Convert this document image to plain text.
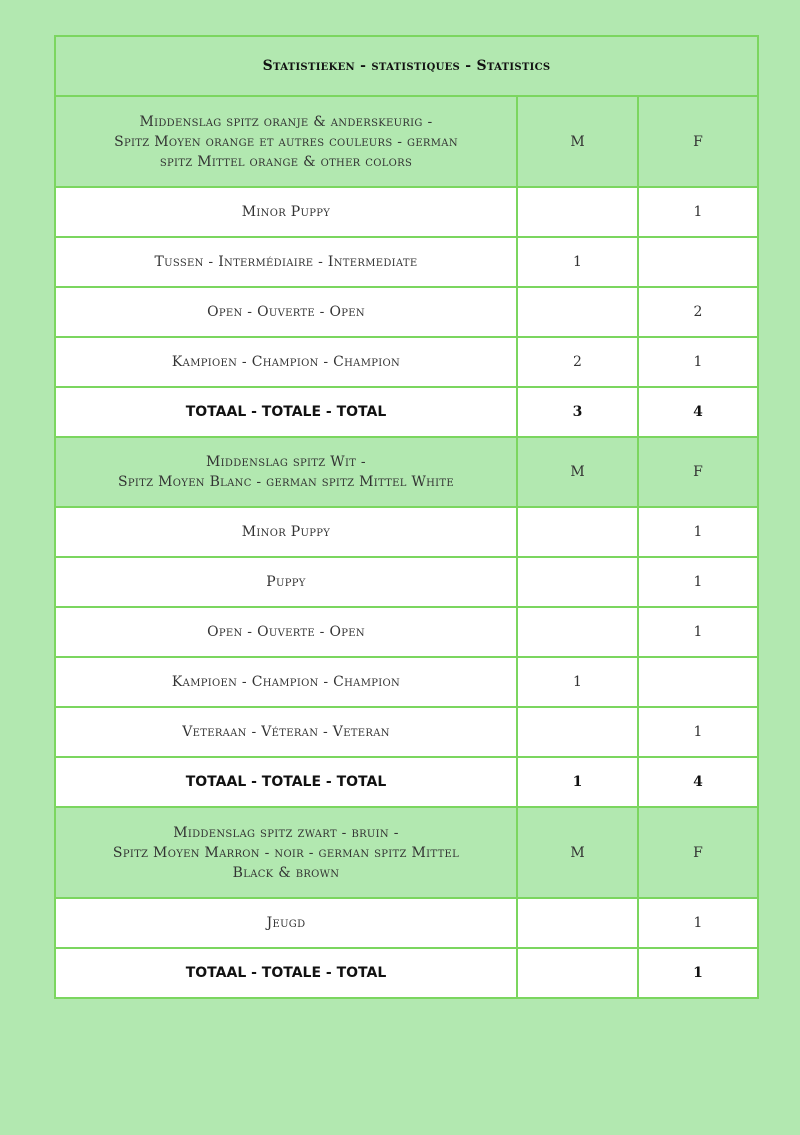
Statistieken - statistiques - Statistics		
Middenslag spitz oranje & anderskeurig -
Spitz Moyen orange et autres couleurs - german
spitz Mittel orange & other colors	M	F
Minor Puppy		1
Tussen - Intermédiaire - Intermediate	1	
Open - Ouverte - Open		2
Kampioen - Champion - Champion	2	1
TOTAAL - TOTALE - TOTAL	3	4
Middenslag spitz Wit -
Spitz Moyen Blanc - german spitz Mittel White	M	F
Minor Puppy		1
Puppy		1
Open - Ouverte - Open		1
Kampioen - Champion - Champion	1	
Veteraan - Véteran - Veteran		1
TOTAAL - TOTALE - TOTAL	1	4
Middenslag spitz zwart - bruin -
Spitz Moyen Marron - noir - german spitz Mittel
Black & brown	M	F
Jeugd		1
TOTAAL - TOTALE - TOTAL		1
